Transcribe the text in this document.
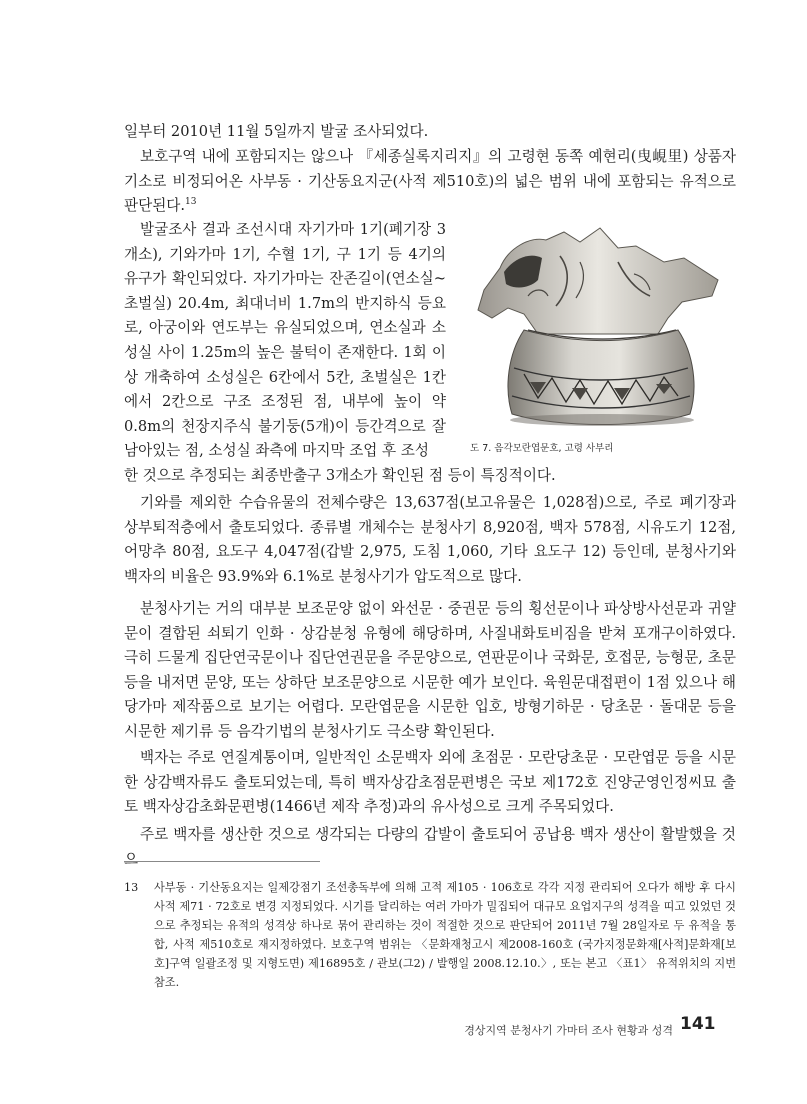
일부터 2010년 11월 5일까지 발굴 조사되었다.

보호구역 내에 포함되지는 않으나 『세종실록지리지』의 고령현 동쪽 예현리(曳峴里) 상품자기소로 비정되어온 사부동 · 기산동요지군(사적 제510호)의 넓은 범위 내에 포함되는 유적으로 판단된다.$^{13}$

발굴조사 결과 조선시대 자기가마 1기(폐기장 3개소), 기와가마 1기, 수혈 1기, 구 1기 등 4기의 유구가 확인되었다. 자기가마는 잔존길이(연소실~초벌실) 20.4m, 최대너비 1.7m의 반지하식 등요로, 아궁이와 연도부는 유실되었으며, 연소실과 소성실 사이 1.25m의 높은 불턱이 존재한다. 1회 이상 개축하여 소성실은 6칸에서 5칸, 초벌실은 1칸에서 2칸으로 구조 조정된 점, 내부에 높이 약 0.8m의 천장지주식 불기둥(5개)이 등간격으로 잘 남아있는 점, 소성실 좌측에 마지막 조업 후 조성

한 것으로 추정되는 최종반출구 3개소가 확인된 점 등이 특징적이다.

기와를 제외한 수습유물의 전체수량은 13,637점(보고유물은 1,028점)으로, 주로 폐기장과 상부퇴적층에서 출토되었다. 종류별 개체수는 분청사기 8,920점, 백자 578점, 시유도기 12점, 어망추 80점, 요도구 4,047점(갑발 2,975, 도침 1,060, 기타 요도구 12) 등인데, 분청사기와 백자의 비율은 93.9%와 6.1%로 분청사기가 압도적으로 많다.

분청사기는 거의 대부분 보조문양 없이 와선문 · 중권문 등의 횡선문이나 파상방사선문과 귀얄문이 결합된 쇠퇴기 인화 · 상감분청 유형에 해당하며, 사질내화토비짐을 받쳐 포개구이하였다. 극히 드물게 집단연국문이나 집단연권문을 주문양으로, 연판문이나 국화문, 호접문, 능형문, 초문 등을 내저면 문양, 또는 상하단 보조문양으로 시문한 예가 보인다. 육원문대접편이 1점 있으나 해당가마 제작품으로 보기는 어렵다. 모란엽문을 시문한 입호, 방형기하문 · 당초문 · 돌대문 등을 시문한 제기류 등 음각기법의 분청사기도 극소량 확인된다.

백자는 주로 연질계통이며, 일반적인 소문백자 외에 초점문 · 모란당초문 · 모란엽문 등을 시문한 상감백자류도 출토되었는데, 특히 백자상감초점문편병은 국보 제172호 진양군영인정씨묘 출토 백자상감초화문편병(1466년 제작 추정)과의 유사성으로 크게 주목되었다.

주로 백자를 생산한 것으로 생각되는 다량의 갑발이 출토되어 공납용 백자 생산이 활발했을 것으

도 7. 음각모란엽문호, 고령 사부리
13 사부동 · 기산동요지는 일제강점기 조선총독부에 의해 고적 제105 · 106호로 각각 지정 관리되어 오다가 해방 후 다시 사적 제71 · 72호로 변경 지정되었다. 시기를 달리하는 여러 가마가 밀집되어 대규모 요업지구의 성격을 띠고 있었던 것으로 추정되는 유적의 성격상 하나로 묶어 관리하는 것이 적절한 것으로 판단되어 2011년 7월 28일자로 두 유적을 통합, 사적 제510호로 재지정하였다. 보호구역 범위는 〈문화재청고시 제2008-160호 (국가지정문화재[사적]문화재[보호]구역 일괄조정 및 지형도면) 제16895호 / 관보(그2) / 발행일 2008.12.10.〉, 또는 본고 〈표1〉 유적위치의 지번 참조.

경상지역 분청사기 가마터 조사 현황과 성격 141
